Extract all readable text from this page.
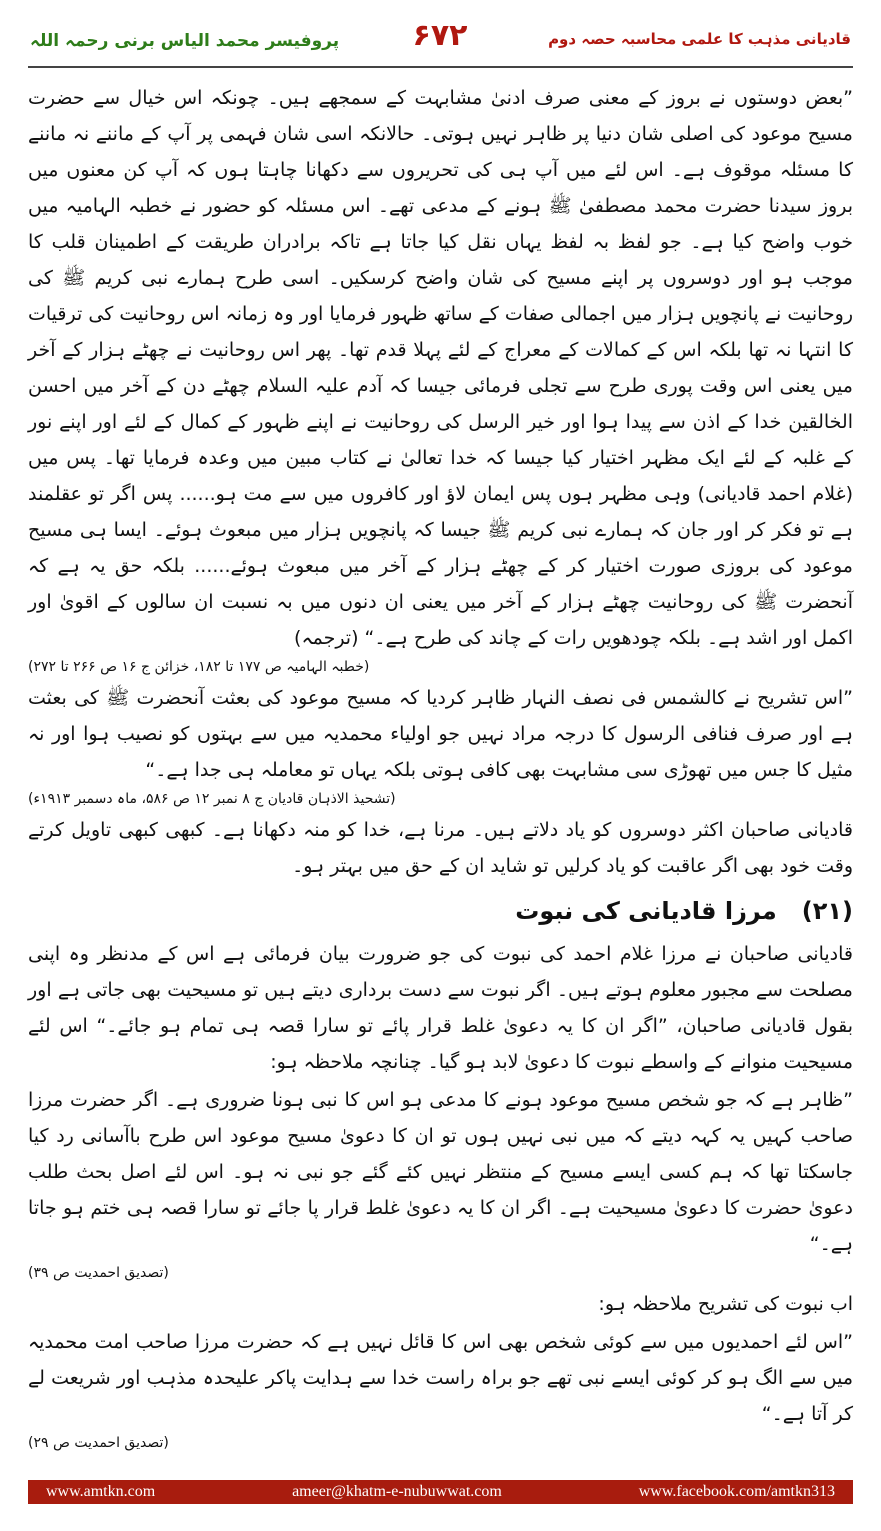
پروفیسر محمد الیاس برنی رحمہ اللہ	۶۷۲	قادیانی مذہب کا علمی محاسبہ حصہ دوم

”بعض دوستوں نے بروز کے معنی صرف ادنیٰ مشابہت کے سمجھے ہیں۔ چونکہ اس خیال سے حضرت مسیح موعود کی اصلی شان دنیا پر ظاہر نہیں ہوتی۔ حالانکہ اسی شان فہمی پر آپ کے ماننے نہ ماننے کا مسئلہ موقوف ہے۔ اس لئے میں آپ ہی کی تحریروں سے دکھانا چاہتا ہوں کہ آپ کن معنوں میں بروز سیدنا حضرت محمد مصطفیٰ ﷺ ہونے کے مدعی تھے۔ اس مسئلہ کو حضور نے خطبہ الہامیہ میں خوب واضح کیا ہے۔ جو لفظ بہ لفظ یہاں نقل کیا جاتا ہے تاکہ برادران طریقت کے اطمینان قلب کا موجب ہو اور دوسروں پر اپنے مسیح کی شان واضح کرسکیں۔ اسی طرح ہمارے نبی کریم ﷺ کی روحانیت نے پانچویں ہزار میں اجمالی صفات کے ساتھ ظہور فرمایا اور وہ زمانہ اس روحانیت کی ترقیات کا انتہا نہ تھا بلکہ اس کے کمالات کے معراج کے لئے پہلا قدم تھا۔ پھر اس روحانیت نے چھٹے ہزار کے آخر میں یعنی اس وقت پوری طرح سے تجلی فرمائی جیسا کہ آدم علیہ السلام چھٹے دن کے آخر میں احسن الخالقین خدا کے اذن سے پیدا ہوا اور خیر الرسل کی روحانیت نے اپنے ظہور کے کمال کے لئے اور اپنے نور کے غلبہ کے لئے ایک مظہر اختیار کیا جیسا کہ خدا تعالیٰ نے کتاب مبین میں وعدہ فرمایا تھا۔ پس میں (غلام احمد قادیانی) وہی مظہر ہوں پس ایمان لاؤ اور کافروں میں سے مت ہو...... پس اگر تو عقلمند ہے تو فکر کر اور جان کہ ہمارے نبی کریم ﷺ جیسا کہ پانچویں ہزار میں مبعوث ہوئے۔ ایسا ہی مسیح موعود کی بروزی صورت اختیار کر کے چھٹے ہزار کے آخر میں مبعوث ہوئے...... بلکہ حق یہ ہے کہ آنحضرت ﷺ کی روحانیت چھٹے ہزار کے آخر میں یعنی ان دنوں میں بہ نسبت ان سالوں کے اقویٰ اور اکمل اور اشد ہے۔ بلکہ چودھویں رات کے چاند کی طرح ہے۔“ (ترجمہ)

(خطبہ الہامیہ ص ۱۷۷ تا ۱۸۲، خزائن ج ۱۶ ص ۲۶۶ تا ۲۷۲)

”اس تشریح نے کالشمس فی نصف النہار ظاہر کردیا کہ مسیح موعود کی بعثت آنحضرت ﷺ کی بعثت ہے اور صرف فنافی الرسول کا درجہ مراد نہیں جو اولیاء محمدیہ میں سے بہتوں کو نصیب ہوا اور نہ مثیل کا جس میں تھوڑی سی مشابہت بھی کافی ہوتی بلکہ یہاں تو معاملہ ہی جدا ہے۔“

(تشحیذ الاذہان قادیان ج ۸ نمبر ۱۲ ص ۵۸۶، ماہ دسمبر ۱۹۱۳ء)

قادیانی صاحبان اکثر دوسروں کو یاد دلاتے ہیں۔ مرنا ہے، خدا کو منہ دکھانا ہے۔ کبھی کبھی تاویل کرتے وقت خود بھی اگر عاقبت کو یاد کرلیں تو شاید ان کے حق میں بہتر ہو۔

(۲۱)   مرزا قادیانی کی نبوت

قادیانی صاحبان نے مرزا غلام احمد کی نبوت کی جو ضرورت بیان فرمائی ہے اس کے مدنظر وہ اپنی مصلحت سے مجبور معلوم ہوتے ہیں۔ اگر نبوت سے دست برداری دیتے ہیں تو مسیحیت بھی جاتی ہے اور بقول قادیانی صاحبان، ”اگر ان کا یہ دعویٰ غلط قرار پائے تو سارا قصہ ہی تمام ہو جائے۔“ اس لئے مسیحیت منوانے کے واسطے نبوت کا دعویٰ لابد ہو گیا۔ چنانچہ ملاحظہ ہو:

”ظاہر ہے کہ جو شخص مسیح موعود ہونے کا مدعی ہو اس کا نبی ہونا ضروری ہے۔ اگر حضرت مرزا صاحب کہیں یہ کہہ دیتے کہ میں نبی نہیں ہوں تو ان کا دعویٰ مسیح موعود اس طرح باآسانی رد کیا جاسکتا تھا کہ ہم کسی ایسے مسیح کے منتظر نہیں کئے گئے جو نبی نہ ہو۔ اس لئے اصل بحث طلب دعویٰ حضرت کا دعویٰ مسیحیت ہے۔ اگر ان کا یہ دعویٰ غلط قرار پا جائے تو سارا قصہ ہی ختم ہو جاتا ہے۔“

(تصدیق احمدیت ص ۳۹)

اب نبوت کی تشریح ملاحظہ ہو:

”اس لئے احمدیوں میں سے کوئی شخص بھی اس کا قائل نہیں ہے کہ حضرت مرزا صاحب امت محمدیہ میں سے الگ ہو کر کوئی ایسے نبی تھے جو براہ راست خدا سے ہدایت پاکر علیحدہ مذہب اور شریعت لے کر آتا ہے۔“

(تصدیق احمدیت ص ۲۹)
www.amtkn.com	ameer@khatm-e-nubuwwat.com	www.facebook.com/amtkn313
